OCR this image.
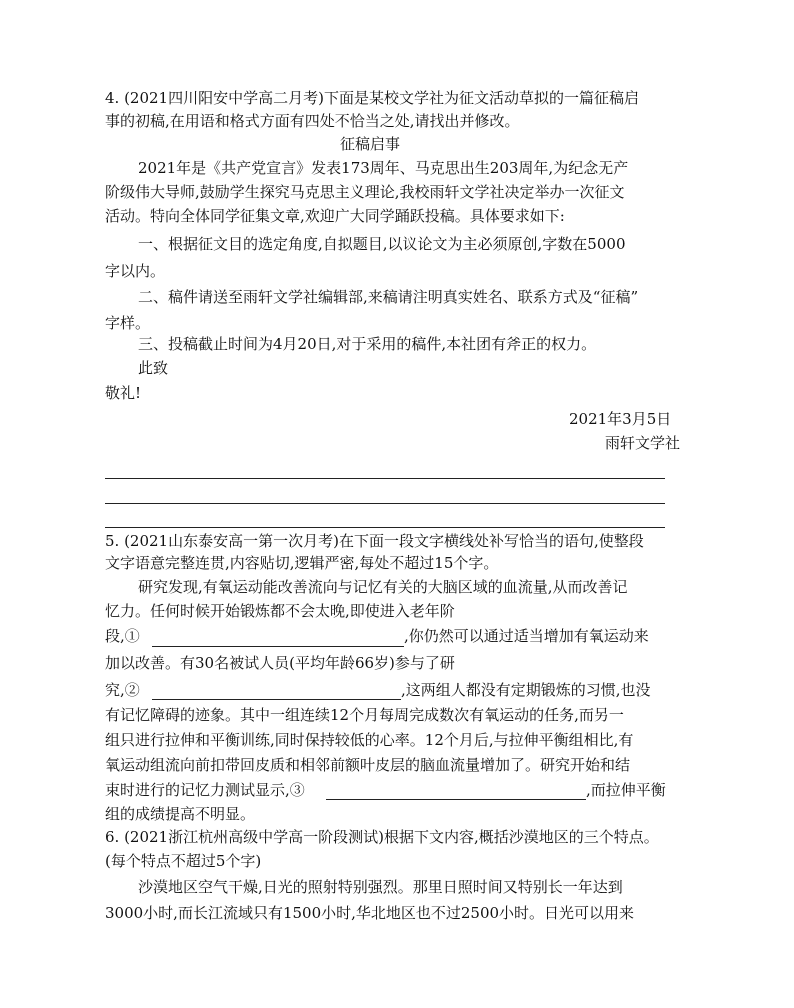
4. (2021四川阳安中学高二月考)下面是某校文学社为征文活动草拟的一篇征稿启
事的初稿,在用语和格式方面有四处不恰当之处,请找出并修改。
征稿启事
2021年是《共产党宣言》发表173周年、马克思出生203周年,为纪念无产
阶级伟大导师,鼓励学生探究马克思主义理论,我校雨轩文学社决定举办一次征文
活动。特向全体同学征集文章,欢迎广大同学踊跃投稿。具体要求如下:
一、根据征文目的选定角度,自拟题目,以议论文为主必须原创,字数在5000
字以内。
二、稿件请送至雨轩文学社编辑部,来稿请注明真实姓名、联系方式及“征稿”
字样。
三、投稿截止时间为4月20日,对于采用的稿件,本社团有斧正的权力。
此致
敬礼!
2021年3月5日
雨轩文学社
5. (2021山东泰安高一第一次月考)在下面一段文字横线处补写恰当的语句,使整段
文字语意完整连贯,内容贴切,逻辑严密,每处不超过15个字。
研究发现,有氧运动能改善流向与记忆有关的大脑区域的血流量,从而改善记
忆力。任何时候开始锻炼都不会太晚,即使进入老年阶
段,①	,你仍然可以通过适当增加有氧运动来
加以改善。有30名被试人员(平均年龄66岁)参与了研
究,②	,这两组人都没有定期锻炼的习惯,也没
有记忆障碍的迹象。其中一组连续12个月每周完成数次有氧运动的任务,而另一
组只进行拉伸和平衡训练,同时保持较低的心率。12个月后,与拉伸平衡组相比,有
氧运动组流向前扣带回皮质和相邻前额叶皮层的脑血流量增加了。研究开始和结
束时进行的记忆力测试显示,③	,而拉伸平衡
组的成绩提高不明显。
6. (2021浙江杭州高级中学高一阶段测试)根据下文内容,概括沙漠地区的三个特点。
(每个特点不超过5个字)
沙漠地区空气干燥,日光的照射特别强烈。那里日照时间又特别长一年达到
3000小时,而长江流域只有1500小时,华北地区也不过2500小时。日光可以用来
